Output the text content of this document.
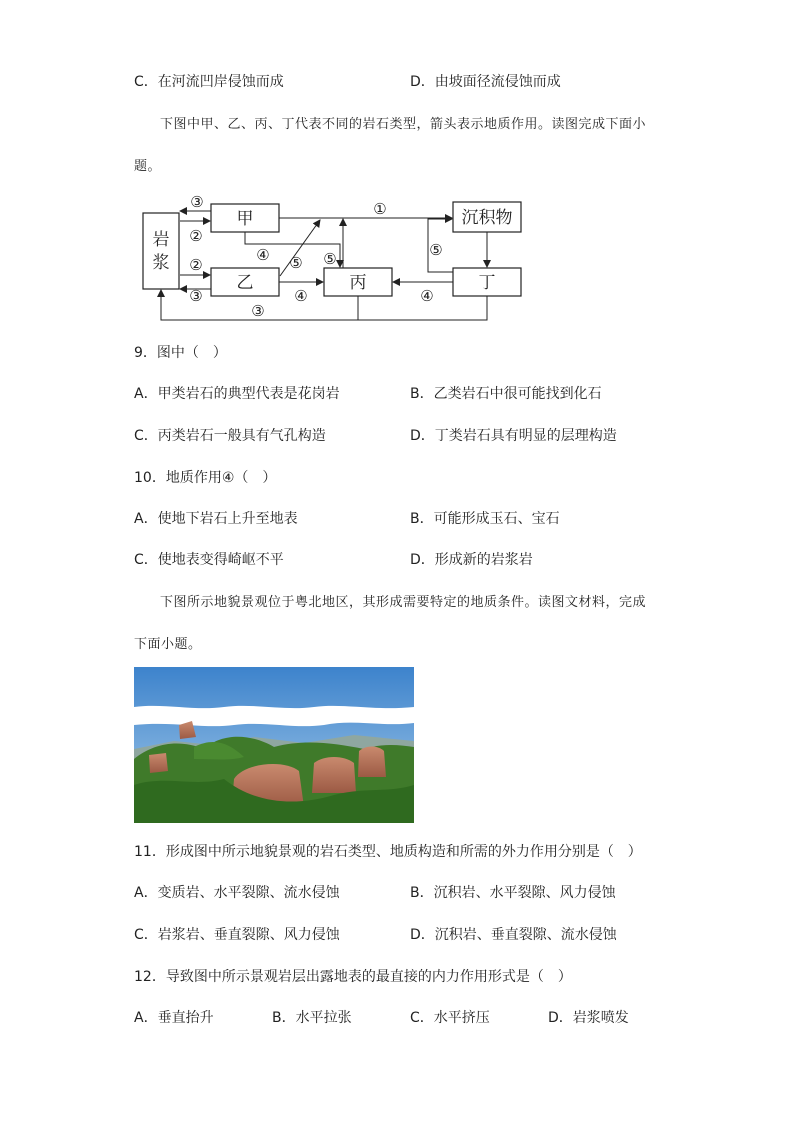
C．在河流凹岸侵蚀而成	D．由坡面径流侵蚀而成
下图中甲、乙、丙、丁代表不同的岩石类型，箭头表示地质作用。读图完成下面小
题。
岩
浆
甲
乙	丙	丁
沉积物
③
②
②
③
①
④ ⑤ ⑤	⑤
④	④
③
9．图中（　）
A．甲类岩石的典型代表是花岗岩	B．乙类岩石中很可能找到化石
C．丙类岩石一般具有气孔构造	D．丁类岩石具有明显的层理构造
10．地质作用④（　）
A．使地下岩石上升至地表	B．可能形成玉石、宝石
C．使地表变得崎岖不平	D．形成新的岩浆岩
下图所示地貌景观位于粤北地区，其形成需要特定的地质条件。读图文材料，完成
下面小题。
11．形成图中所示地貌景观的岩石类型、地质构造和所需的外力作用分别是（　）
A．变质岩、水平裂隙、流水侵蚀	B．沉积岩、水平裂隙、风力侵蚀
C．岩浆岩、垂直裂隙、风力侵蚀	D．沉积岩、垂直裂隙、流水侵蚀
12．导致图中所示景观岩层出露地表的最直接的内力作用形式是（　）
A．垂直抬升	B．水平拉张	C．水平挤压	D．岩浆喷发
